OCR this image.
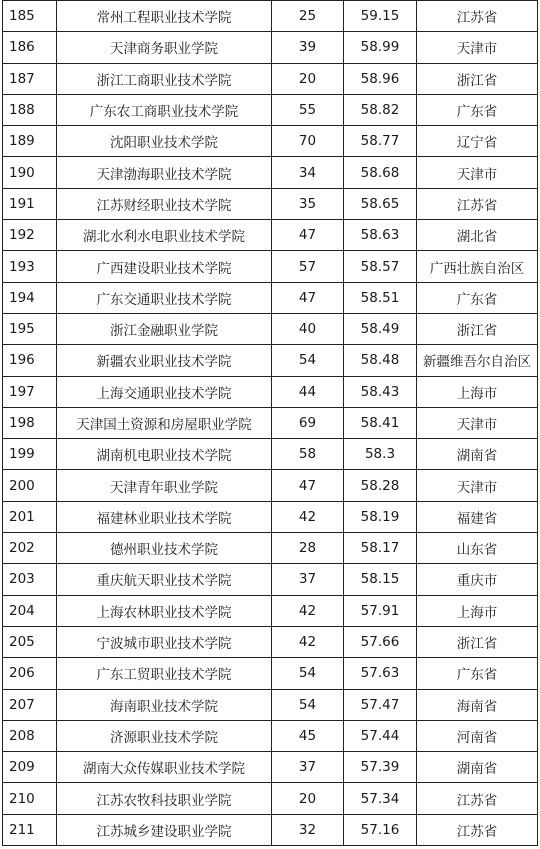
185	常州工程职业技术学院	25	59.15	江苏省
186	天津商务职业学院	39	58.99	天津市
187	浙江工商职业技术学院	20	58.96	浙江省
188	广东农工商职业技术学院	55	58.82	广东省
189	沈阳职业技术学院	70	58.77	辽宁省
190	天津渤海职业技术学院	34	58.68	天津市
191	江苏财经职业技术学院	35	58.65	江苏省
192	湖北水利水电职业技术学院	47	58.63	湖北省
193	广西建设职业技术学院	57	58.57	广西壮族自治区
194	广东交通职业技术学院	47	58.51	广东省
195	浙江金融职业学院	40	58.49	浙江省
196	新疆农业职业技术学院	54	58.48	新疆维吾尔自治区
197	上海交通职业技术学院	44	58.43	上海市
198	天津国土资源和房屋职业学院	69	58.41	天津市
199	湖南机电职业技术学院	58	58.3	湖南省
200	天津青年职业学院	47	58.28	天津市
201	福建林业职业技术学院	42	58.19	福建省
202	德州职业技术学院	28	58.17	山东省
203	重庆航天职业技术学院	37	58.15	重庆市
204	上海农林职业技术学院	42	57.91	上海市
205	宁波城市职业技术学院	42	57.66	浙江省
206	广东工贸职业技术学院	54	57.63	广东省
207	海南职业技术学院	54	57.47	海南省
208	济源职业技术学院	45	57.44	河南省
209	湖南大众传媒职业技术学院	37	57.39	湖南省
210	江苏农牧科技职业学院	20	57.34	江苏省
211	江苏城乡建设职业学院	32	57.16	江苏省
